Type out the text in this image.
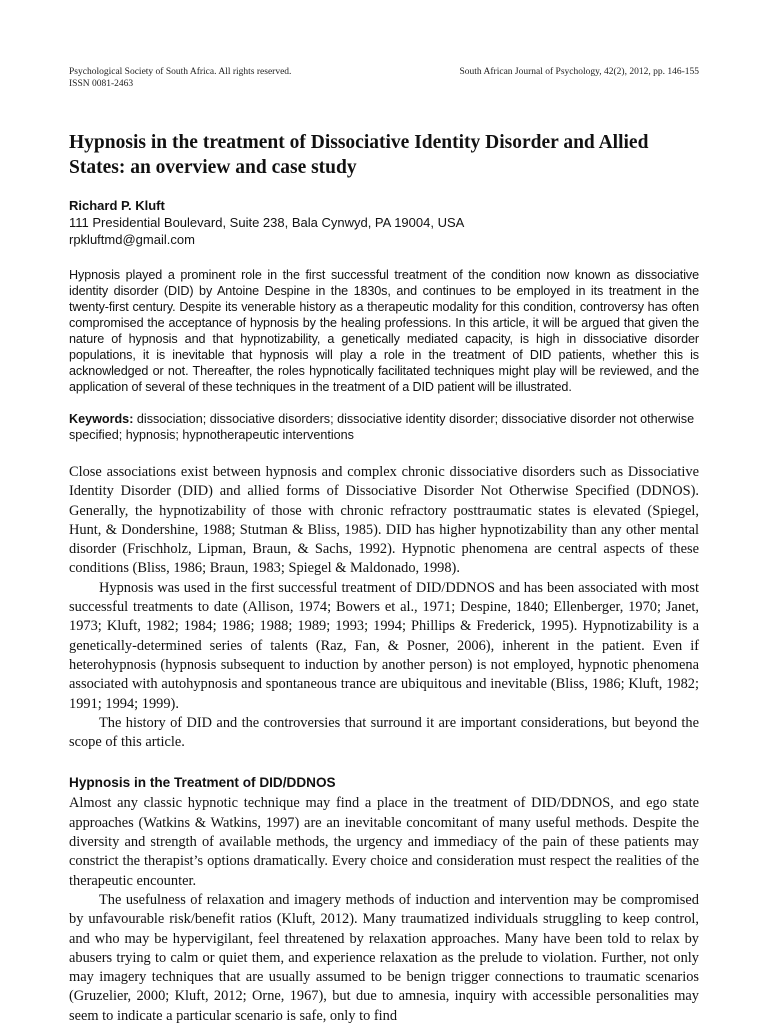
Psychological Society of South Africa. All rights reserved.
ISSN 0081-2463
South African Journal of Psychology, 42(2), 2012, pp. 146-155
Hypnosis in the treatment of Dissociative Identity Disorder and Allied States: an overview and case study
Richard P. Kluft
111 Presidential Boulevard, Suite 238, Bala Cynwyd, PA 19004, USA
rpkluftmd@gmail.com
Hypnosis played a prominent role in the first successful treatment of the condition now known as dissociative identity disorder (DID) by Antoine Despine in the 1830s, and continues to be employed in its treatment in the twenty-first century. Despite its venerable history as a therapeutic modality for this condition, controversy has often compromised the acceptance of hypnosis by the healing professions. In this article, it will be argued that given the nature of hypnosis and that hypnotizability, a genetically mediated capacity, is high in dissociative disorder populations, it is inevitable that hypnosis will play a role in the treatment of DID patients, whether this is acknowledged or not. Thereafter, the roles hypnotically facilitated techniques might play will be reviewed, and the application of several of these techniques in the treatment of a DID patient will be illustrated.
Keywords: dissociation; dissociative disorders; dissociative identity disorder; dissociative disorder not otherwise specified; hypnosis; hypnotherapeutic interventions

Close associations exist between hypnosis and complex chronic dissociative disorders such as Dissociative Identity Disorder (DID) and allied forms of Dissociative Disorder Not Otherwise Specified (DDNOS). Generally, the hypnotizability of those with chronic refractory posttraumatic states is elevated (Spiegel, Hunt, & Dondershine, 1988; Stutman & Bliss, 1985). DID has higher hypnotizability than any other mental disorder (Frischholz, Lipman, Braun, & Sachs, 1992). Hypnotic phenomena are central aspects of these conditions (Bliss, 1986; Braun, 1983; Spiegel & Maldonado, 1998).

Hypnosis was used in the first successful treatment of DID/DDNOS and has been associated with most successful treatments to date (Allison, 1974; Bowers et al., 1971; Despine, 1840; Ellenberger, 1970; Janet, 1973; Kluft, 1982; 1984; 1986; 1988; 1989; 1993; 1994; Phillips & Frederick, 1995). Hypnotizability is a genetically-determined series of talents (Raz, Fan, & Posner, 2006), inherent in the patient. Even if heterohypnosis (hypnosis subsequent to induction by another person) is not employed, hypnotic phenomena associated with autohypnosis and spontaneous trance are ubiquitous and inevitable (Bliss, 1986; Kluft, 1982; 1991; 1994; 1999).

The history of DID and the controversies that surround it are important considerations, but beyond the scope of this article.

Hypnosis in the Treatment of DID/DDNOS

Almost any classic hypnotic technique may find a place in the treatment of DID/DDNOS, and ego state approaches (Watkins & Watkins, 1997) are an inevitable concomitant of many useful methods. Despite the diversity and strength of available methods, the urgency and immediacy of the pain of these patients may constrict the therapist’s options dramatically. Every choice and consideration must respect the realities of the therapeutic encounter.

The usefulness of relaxation and imagery methods of induction and intervention may be compromised by unfavourable risk/benefit ratios (Kluft, 2012). Many traumatized individuals struggling to keep control, and who may be hypervigilant, feel threatened by relaxation approaches. Many have been told to relax by abusers trying to calm or quiet them, and experience relaxation as the prelude to violation. Further, not only may imagery techniques that are usually assumed to be benign trigger connections to traumatic scenarios (Gruzelier, 2000; Kluft, 2012; Orne, 1967), but due to amnesia, inquiry with accessible personalities may seem to indicate a particular scenario is safe, only to find
